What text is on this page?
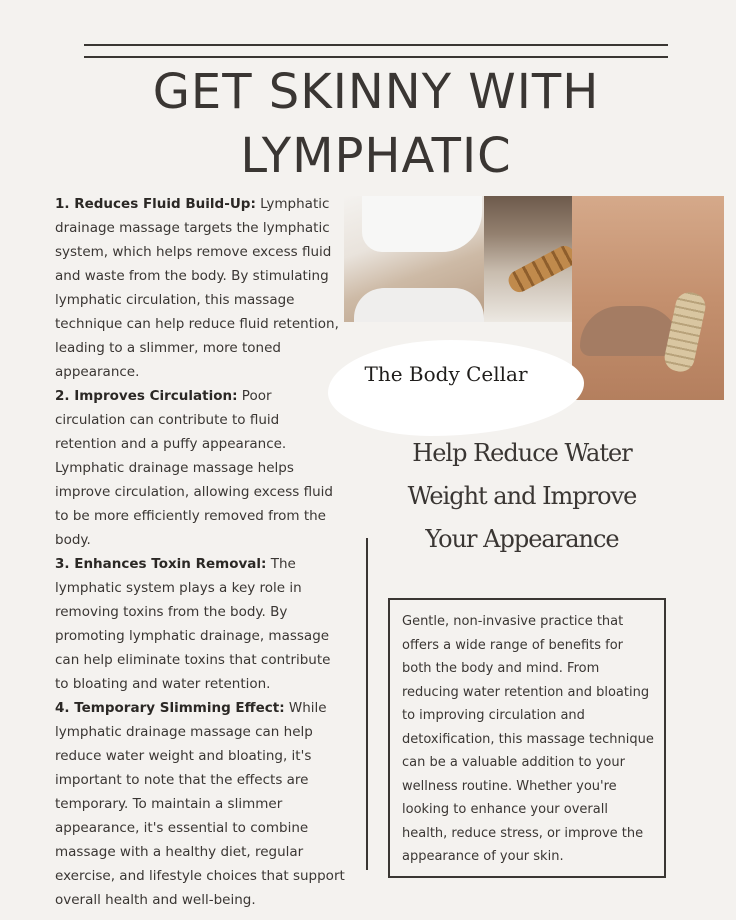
GET SKINNY WITH
LYMPHATIC

1. Reduces Fluid Build-Up: Lymphatic drainage massage targets the lymphatic system, which helps remove excess fluid and waste from the body. By stimulating lymphatic circulation, this massage technique can help reduce fluid retention, leading to a slimmer, more toned appearance.

2. Improves Circulation: Poor circulation can contribute to fluid retention and a puffy appearance. Lymphatic drainage massage helps improve circulation, allowing excess fluid to be more efficiently removed from the body.

3. Enhances Toxin Removal: The lymphatic system plays a key role in removing toxins from the body. By promoting lymphatic drainage, massage can help eliminate toxins that contribute to bloating and water retention.

4. Temporary Slimming Effect: While lymphatic drainage massage can help reduce water weight and bloating, it's important to note that the effects are temporary. To maintain a slimmer appearance, it's essential to combine massage with a healthy diet, regular exercise, and lifestyle choices that support overall health and well-being.

The Body Cellar
Help Reduce Water
Weight and Improve
Your Appearance
Gentle, non-invasive practice that offers a wide range of benefits for both the body and mind. From reducing water retention and bloating to improving circulation and detoxification, this massage technique can be a valuable addition to your wellness routine. Whether you're looking to enhance your overall health, reduce stress, or improve the appearance of your skin.
